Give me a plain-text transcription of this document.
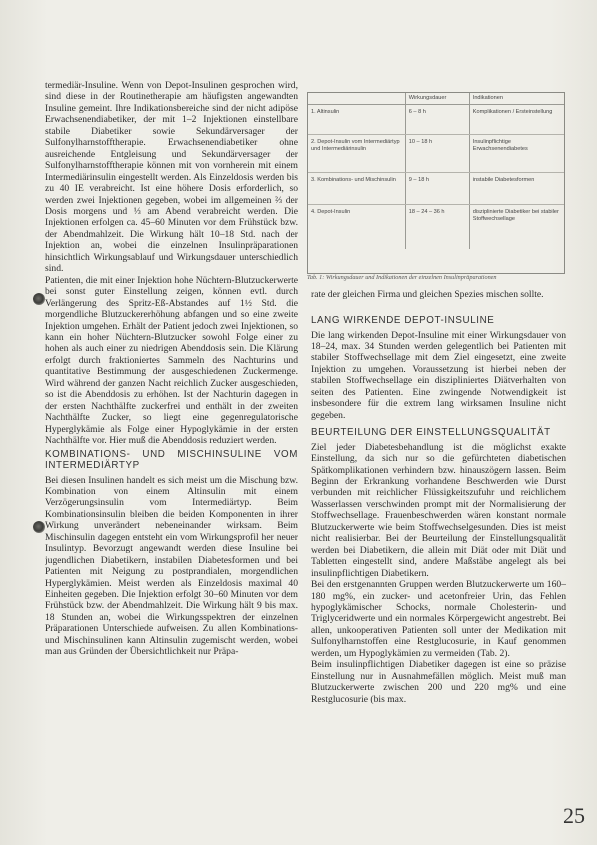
termediär-Insuline. Wenn von Depot-Insulinen gesprochen wird, sind diese in der Routinetherapie am häufigsten angewandten Insuline gemeint. Ihre Indikationsbereiche sind der nicht adipöse Erwachsenendiabetiker, der mit 1–2 Injektionen einstellbare stabile Diabetiker sowie Sekundärversager der Sulfonylharnstofftherapie. Erwachsenendiabetiker ohne ausreichende Entgleisung und Sekundärversager der Sulfonylharnstofftherapie können mit von vornherein mit einem Intermediärinsulin eingestellt werden. Als Einzeldosis werden bis zu 40 IE verabreicht. Ist eine höhere Dosis erforderlich, so werden zwei Injektionen gegeben, wobei im allgemeinen ⅔ der Dosis morgens und ⅓ am Abend verabreicht werden. Die Injektionen erfolgen ca. 45–60 Minuten vor dem Frühstück bzw. der Abendmahlzeit. Die Wirkung hält 10–18 Std. nach der Injektion an, wobei die einzelnen Insulinpräparationen hinsichtlich Wirkungsablauf und Wirkungsdauer unterschiedlich sind.

Patienten, die mit einer Injektion hohe Nüchtern-Blutzuckerwerte bei sonst guter Einstellung zeigen, können evtl. durch Verlängerung des Spritz-Eß-Abstandes auf 1½ Std. die morgendliche Blutzuckererhöhung abfangen und so eine zweite Injektion umgehen. Erhält der Patient jedoch zwei Injektionen, so kann ein hoher Nüchtern-Blutzucker sowohl Folge einer zu hohen als auch einer zu niedrigen Abenddosis sein. Die Klärung erfolgt durch fraktioniertes Sammeln des Nachturins und quantitative Bestimmung der ausgeschiedenen Zuckermenge. Wird während der ganzen Nacht reichlich Zucker ausgeschieden, so ist die Abenddosis zu erhöhen. Ist der Nachturin dagegen in der ersten Nachthälfte zuckerfrei und enthält in der zweiten Nachthälfte Zucker, so liegt eine gegenregulatorische Hyperglykämie als Folge einer Hypoglykämie in der ersten Nachthälfte vor. Hier muß die Abenddosis reduziert werden.

KOMBINATIONS- UND MISCHINSULINE VOM INTERMEDIÄRTYP

Bei diesen Insulinen handelt es sich meist um die Mischung bzw. Kombination von einem Altinsulin mit einem Verzögerungsinsulin vom Intermediärtyp. Beim Kombinationsinsulin bleiben die beiden Komponenten in ihrer Wirkung unverändert nebeneinander wirksam. Beim Mischinsulin dagegen entsteht ein vom Wirkungsprofil her neuer Insulintyp. Bevorzugt angewandt werden diese Insuline bei jugendlichen Diabetikern, instabilen Diabetesformen und bei Patienten mit Neigung zu postprandialen, morgendlichen Hyperglykämien. Meist werden als Einzeldosis maximal 40 Einheiten gegeben. Die Injektion erfolgt 30–60 Minuten vor dem Frühstück bzw. der Abendmahlzeit. Die Wirkung hält 9 bis max. 18 Stunden an, wobei die Wirkungsspektren der einzelnen Präparationen Unterschiede aufweisen. Zu allen Kombinations- und Mischinsulinen kann Altinsulin zugemischt werden, wobei man aus Gründen der Übersichtlichkeit nur Präpa-

	Wirkungsdauer	Indikationen
1. Altinsulin	6 – 8 h	Komplikationen / Ersteinstellung
2. Depot-Insulin vom Intermediärtyp und Intermediärinsulin	10 – 18 h	Insulinpflichtige Erwachsenendiabetes
3. Kombinations- und Mischinsulin	9 – 18 h	instabile Diabetesformen
4. Depot-Insulin	18 – 24 – 36 h	disziplinierte Diabetiker bei stabiler Stoffwechsellage
Tab. 1: Wirkungsdauer und Indikationen der einzelnen Insulinpräparationen

rate der gleichen Firma und gleichen Spezies mischen sollte.

LANG WIRKENDE DEPOT-INSULINE

Die lang wirkenden Depot-Insuline mit einer Wirkungsdauer von 18–24, max. 34 Stunden werden gelegentlich bei Patienten mit stabiler Stoffwechsellage mit dem Ziel eingesetzt, eine zweite Injektion zu umgehen. Voraussetzung ist hierbei neben der stabilen Stoffwechsellage ein diszipliniertes Diätverhalten von seiten des Patienten. Eine zwingende Notwendigkeit ist insbesondere für die extrem lang wirksamen Insuline nicht gegeben.

BEURTEILUNG DER EINSTELLUNGSQUALITÄT

Ziel jeder Diabetesbehandlung ist die möglichst exakte Einstellung, da sich nur so die gefürchteten diabetischen Spätkomplikationen verhindern bzw. hinauszögern lassen. Beim Beginn der Erkrankung vorhandene Beschwerden wie Durst verbunden mit reichlicher Flüssigkeitszufuhr und reichlichem Wasserlassen verschwinden prompt mit der Normalisierung der Stoffwechsellage. Frauenbeschwerden wären konstant normale Blutzuckerwerte wie beim Stoffwechselgesunden. Dies ist meist nicht realisierbar. Bei der Beurteilung der Einstellungsqualität werden bei Diabetikern, die allein mit Diät oder mit Diät und Tabletten eingestellt sind, andere Maßstäbe angelegt als bei insulinpflichtigen Diabetikern.

Bei den erstgenannten Gruppen werden Blutzuckerwerte um 160–180 mg%, ein zucker- und acetonfreier Urin, das Fehlen hypoglykämischer Schocks, normale Cholesterin- und Triglyceridwerte und ein normales Körpergewicht angestrebt. Bei allen, unkooperativen Patienten soll unter der Medikation mit Sulfonylharnstoffen eine Restglucosurie, in Kauf genommen werden, um Hypoglykämien zu vermeiden (Tab. 2).

Beim insulinpflichtigen Diabetiker dagegen ist eine so präzise Einstellung nur in Ausnahmefällen möglich. Meist muß man Blutzuckerwerte zwischen 200 und 220 mg% und eine Restglucosurie (bis max.

25
